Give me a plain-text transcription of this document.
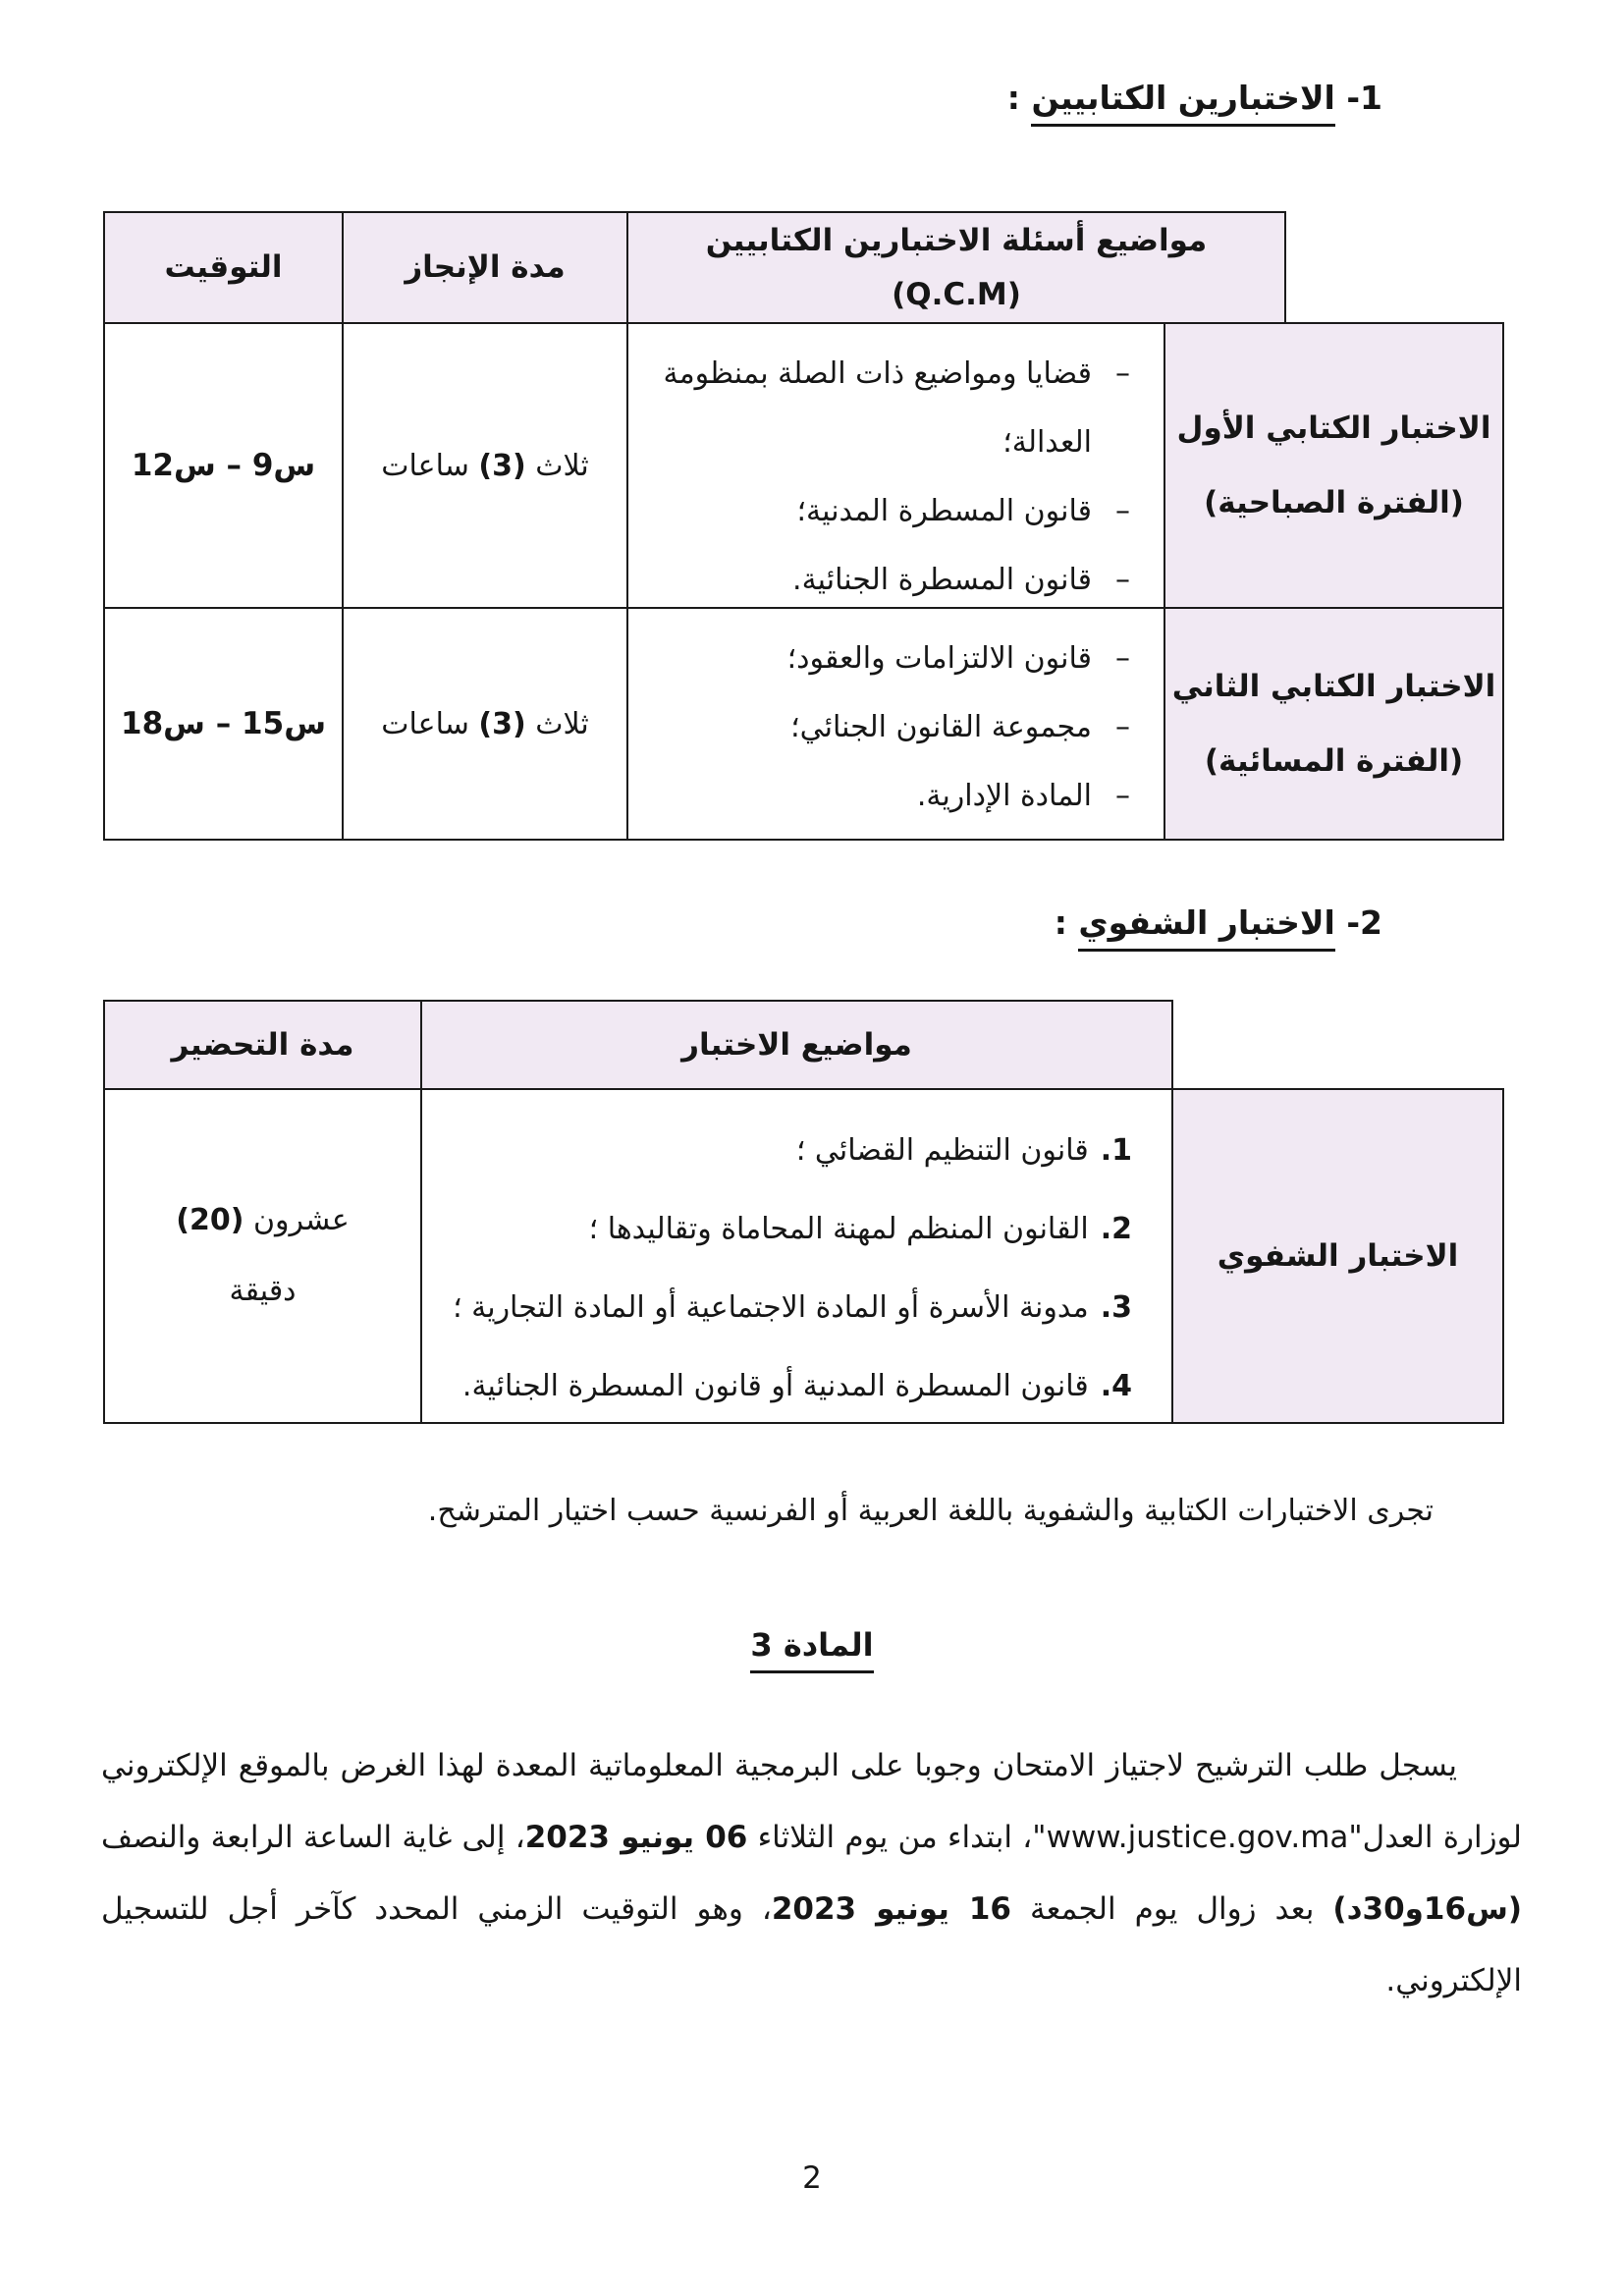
1- الاختبارين الكتابيين :
مواضيع أسئلة الاختبارين الكتابيين
(Q.C.M)
مدة الإنجاز
التوقيت
الاختبار الكتابي الأول
(الفترة الصباحية)
–
قضايا ومواضيع ذات الصلة بمنظومة العدالة؛
–
قانون المسطرة المدنية؛
–
قانون المسطرة الجنائية.
ثلاث (3) ساعات
س9 – س12
الاختبار الكتابي الثاني
(الفترة المسائية)
–
قانون الالتزامات والعقود؛
–
مجموعة القانون الجنائي؛
–
المادة الإدارية.
ثلاث (3) ساعات
س15 – س18
2- الاختبار الشفوي :
مواضيع الاختبار
مدة التحضير
الاختبار الشفوي
1.
قانون التنظيم القضائي ؛
2.
القانون المنظم لمهنة المحاماة وتقاليدها ؛
3.
مدونة الأسرة أو المادة الاجتماعية أو المادة التجارية ؛
4.
قانون المسطرة المدنية أو قانون المسطرة الجنائية.
عشرون (20)
دقيقة
تجرى الاختبارات الكتابية والشفوية باللغة العربية أو الفرنسية حسب اختيار المترشح.
المادة 3
يسجل طلب الترشيح لاجتياز الامتحان وجوبا على البرمجية المعلوماتية المعدة لهذا الغرض بالموقع الإلكتروني لوزارة العدل"www.justice.gov.ma"، ابتداء من يوم الثلاثاء 06 يونيو 2023، إلى غاية الساعة الرابعة والنصف (س16و30د) بعد زوال يوم الجمعة 16 يونيو 2023، وهو التوقيت الزمني المحدد كآخر أجل للتسجيل الإلكتروني.
2
